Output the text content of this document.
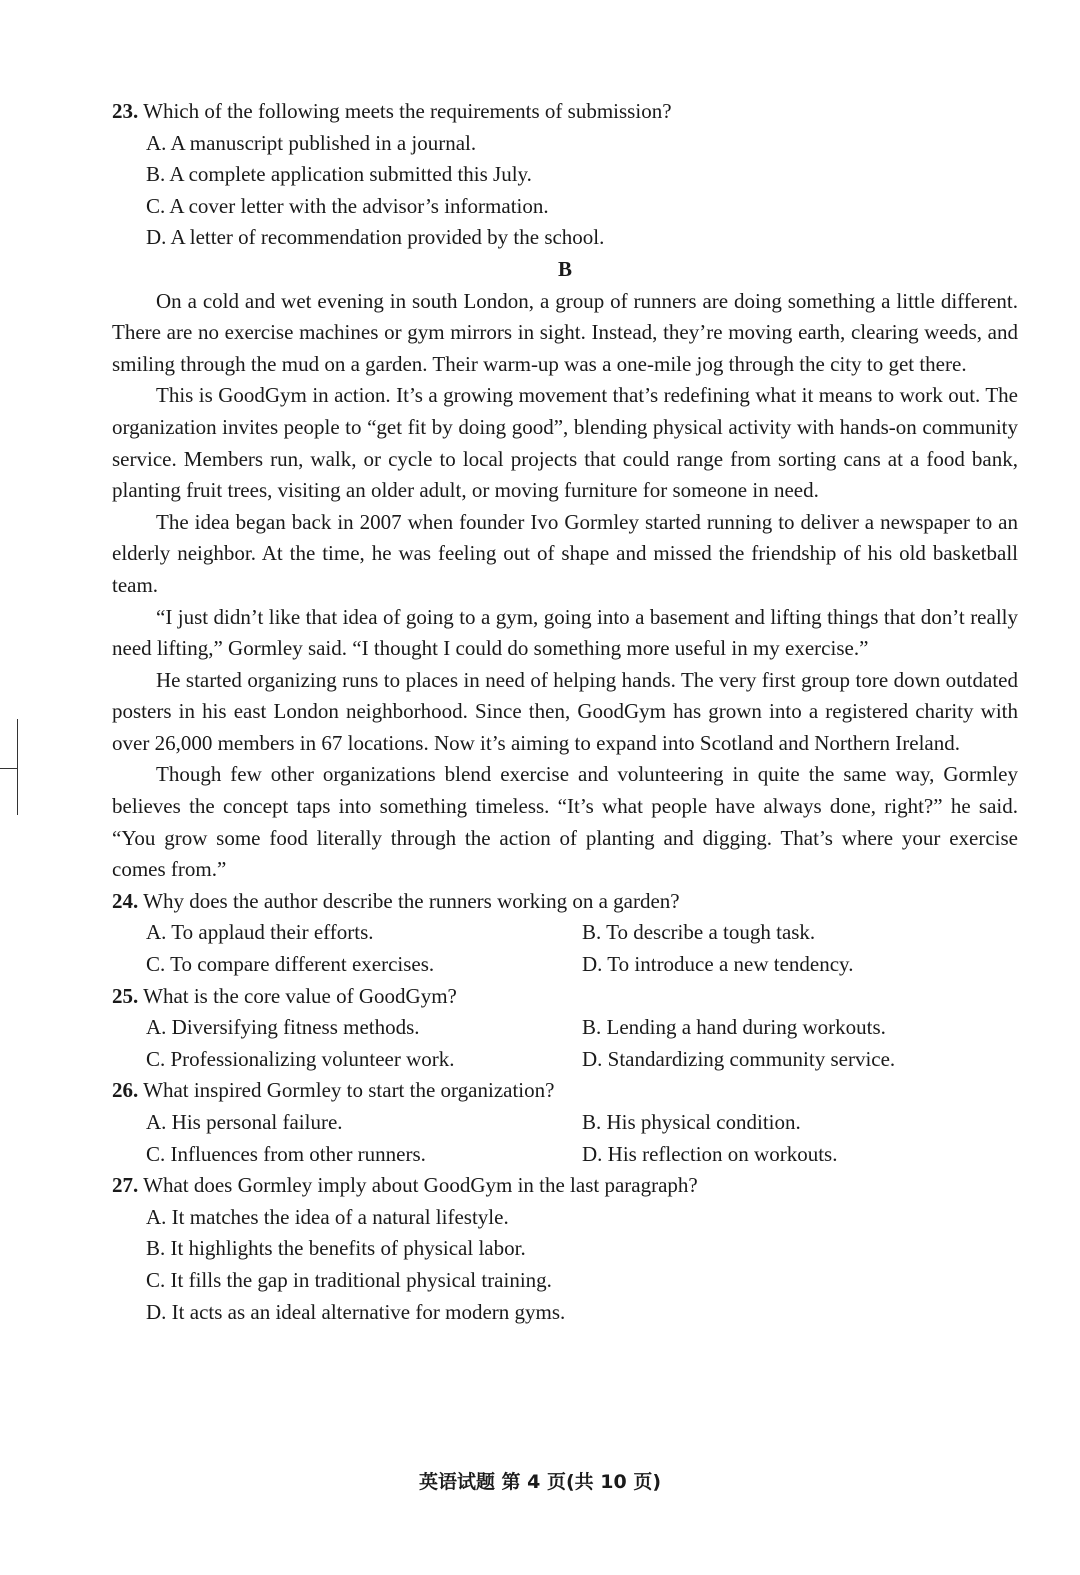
23. Which of the following meets the requirements of submission?

A. A manuscript published in a journal.

B. A complete application submitted this July.

C. A cover letter with the advisor’s information.

D. A letter of recommendation provided by the school.

B

On a cold and wet evening in south London, a group of runners are doing something a little different. There are no exercise machines or gym mirrors in sight. Instead, they’re moving earth, clearing weeds, and smiling through the mud on a garden. Their warm-up was a one-mile jog through the city to get there.

This is GoodGym in action. It’s a growing movement that’s redefining what it means to work out. The organization invites people to “get fit by doing good”, blending physical activity with hands-on community service. Members run, walk, or cycle to local projects that could range from sorting cans at a food bank, planting fruit trees, visiting an older adult, or moving furniture for someone in need.

The idea began back in 2007 when founder Ivo Gormley started running to deliver a newspaper to an elderly neighbor. At the time, he was feeling out of shape and missed the friendship of his old basketball team.

“I just didn’t like that idea of going to a gym, going into a basement and lifting things that don’t really need lifting,” Gormley said. “I thought I could do something more useful in my exercise.”

He started organizing runs to places in need of helping hands. The very first group tore down outdated posters in his east London neighborhood. Since then, GoodGym has grown into a registered charity with over 26,000 members in 67 locations. Now it’s aiming to expand into Scotland and Northern Ireland.

Though few other organizations blend exercise and volunteering in quite the same way, Gormley believes the concept taps into something timeless. “It’s what people have always done, right?” he said. “You grow some food literally through the action of planting and digging. That’s where your exercise comes from.”

24. Why does the author describe the runners working on a garden?

A. To applaud their efforts.	B. To describe a tough task.
C. To compare different exercises.	D. To introduce a new tendency.

25. What is the core value of GoodGym?

A. Diversifying fitness methods.	B. Lending a hand during workouts.
C. Professionalizing volunteer work.	D. Standardizing community service.

26. What inspired Gormley to start the organization?

A. His personal failure.	B. His physical condition.
C. Influences from other runners.	D. His reflection on workouts.

27. What does Gormley imply about GoodGym in the last paragraph?

A. It matches the idea of a natural lifestyle.

B. It highlights the benefits of physical labor.

C. It fills the gap in traditional physical training.

D. It acts as an ideal alternative for modern gyms.

英语试题 第 4 页(共 10 页)
